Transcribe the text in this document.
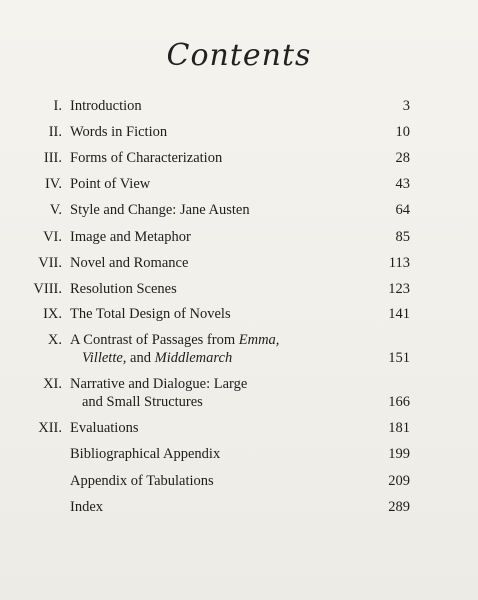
Contents
I. Introduction	3
II. Words in Fiction	10
III. Forms of Characterization	28
IV. Point of View	43
V. Style and Change: Jane Austen	64
VI. Image and Metaphor	85
VII. Novel and Romance	113
VIII. Resolution Scenes	123
IX. The Total Design of Novels	141
X. A Contrast of Passages from Emma,
Villette, and Middlemarch	151
XI. Narrative and Dialogue: Large
and Small Structures	166
XII. Evaluations	181
Bibliographical Appendix	199
Appendix of Tabulations	209
Index	289
